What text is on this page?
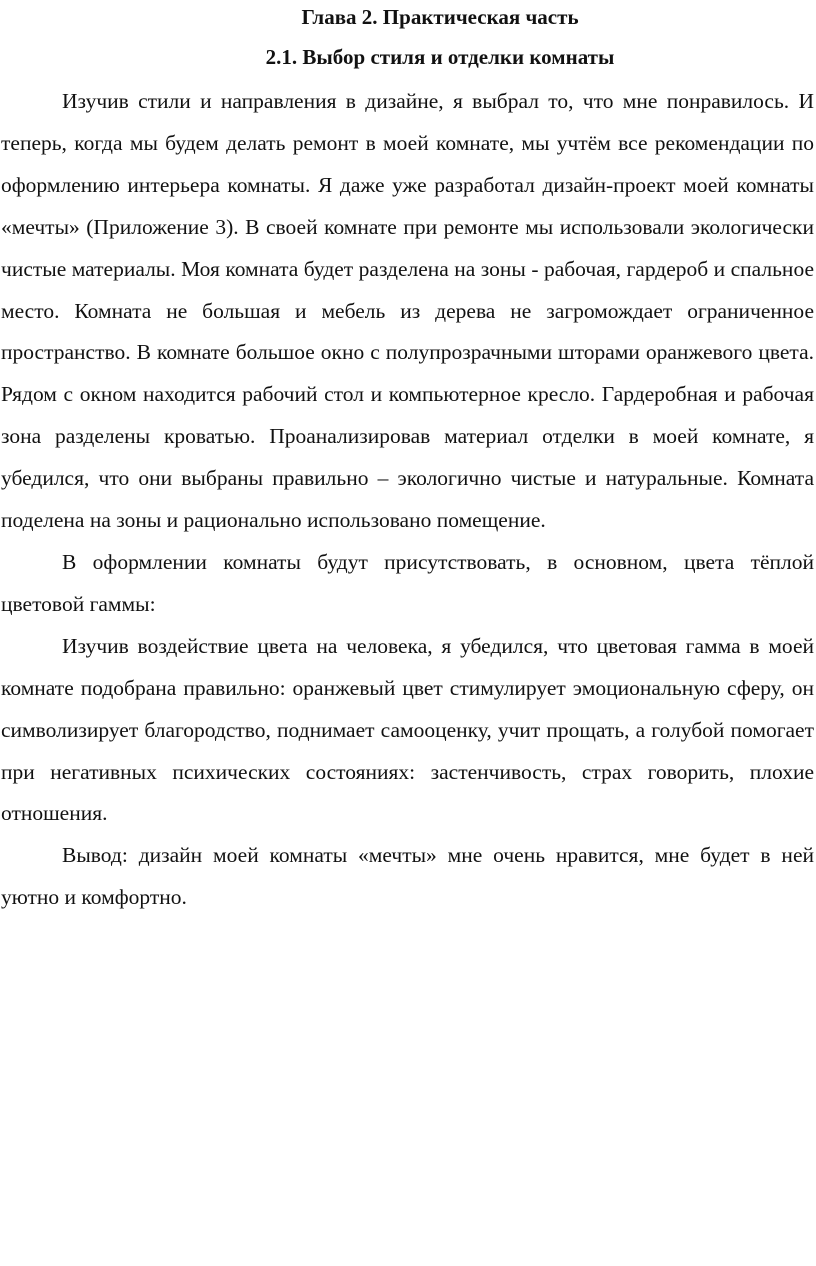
Глава 2. Практическая часть
2.1. Выбор стиля и отделки комнаты

Изучив стили и направления в дизайне, я выбрал то, что мне понравилось. И теперь, когда мы будем делать ремонт в моей комнате, мы учтём все рекомендации по оформлению интерьера комнаты. Я даже уже разработал дизайн-проект моей комнаты «мечты» (Приложение 3). В своей комнате при ремонте мы использовали экологически чистые материалы. Моя комната будет разделена на зоны - рабочая, гардероб и спальное место. Комната не большая и мебель из дерева не загромождает ограниченное пространство. В комнате большое окно с полупрозрачными шторами оранжевого цвета. Рядом с окном находится рабочий стол и компьютерное кресло. Гардеробная и рабочая зона разделены кроватью. Проанализировав материал отделки в моей комнате, я убедился, что они выбраны правильно – экологично чистые и натуральные. Комната поделена на зоны и рационально использовано помещение.

В оформлении комнаты будут присутствовать, в основном, цвета тёплой цветовой гаммы:

Изучив воздействие цвета на человека, я убедился, что цветовая гамма в моей комнате подобрана правильно: оранжевый цвет стимулирует эмоциональную сферу, он символизирует благородство, поднимает самооценку, учит прощать, а голубой помогает при негативных психических состояниях: застенчивость, страх говорить, плохие отношения.

Вывод: дизайн моей комнаты «мечты» мне очень нравится, мне будет в ней уютно и комфортно.
